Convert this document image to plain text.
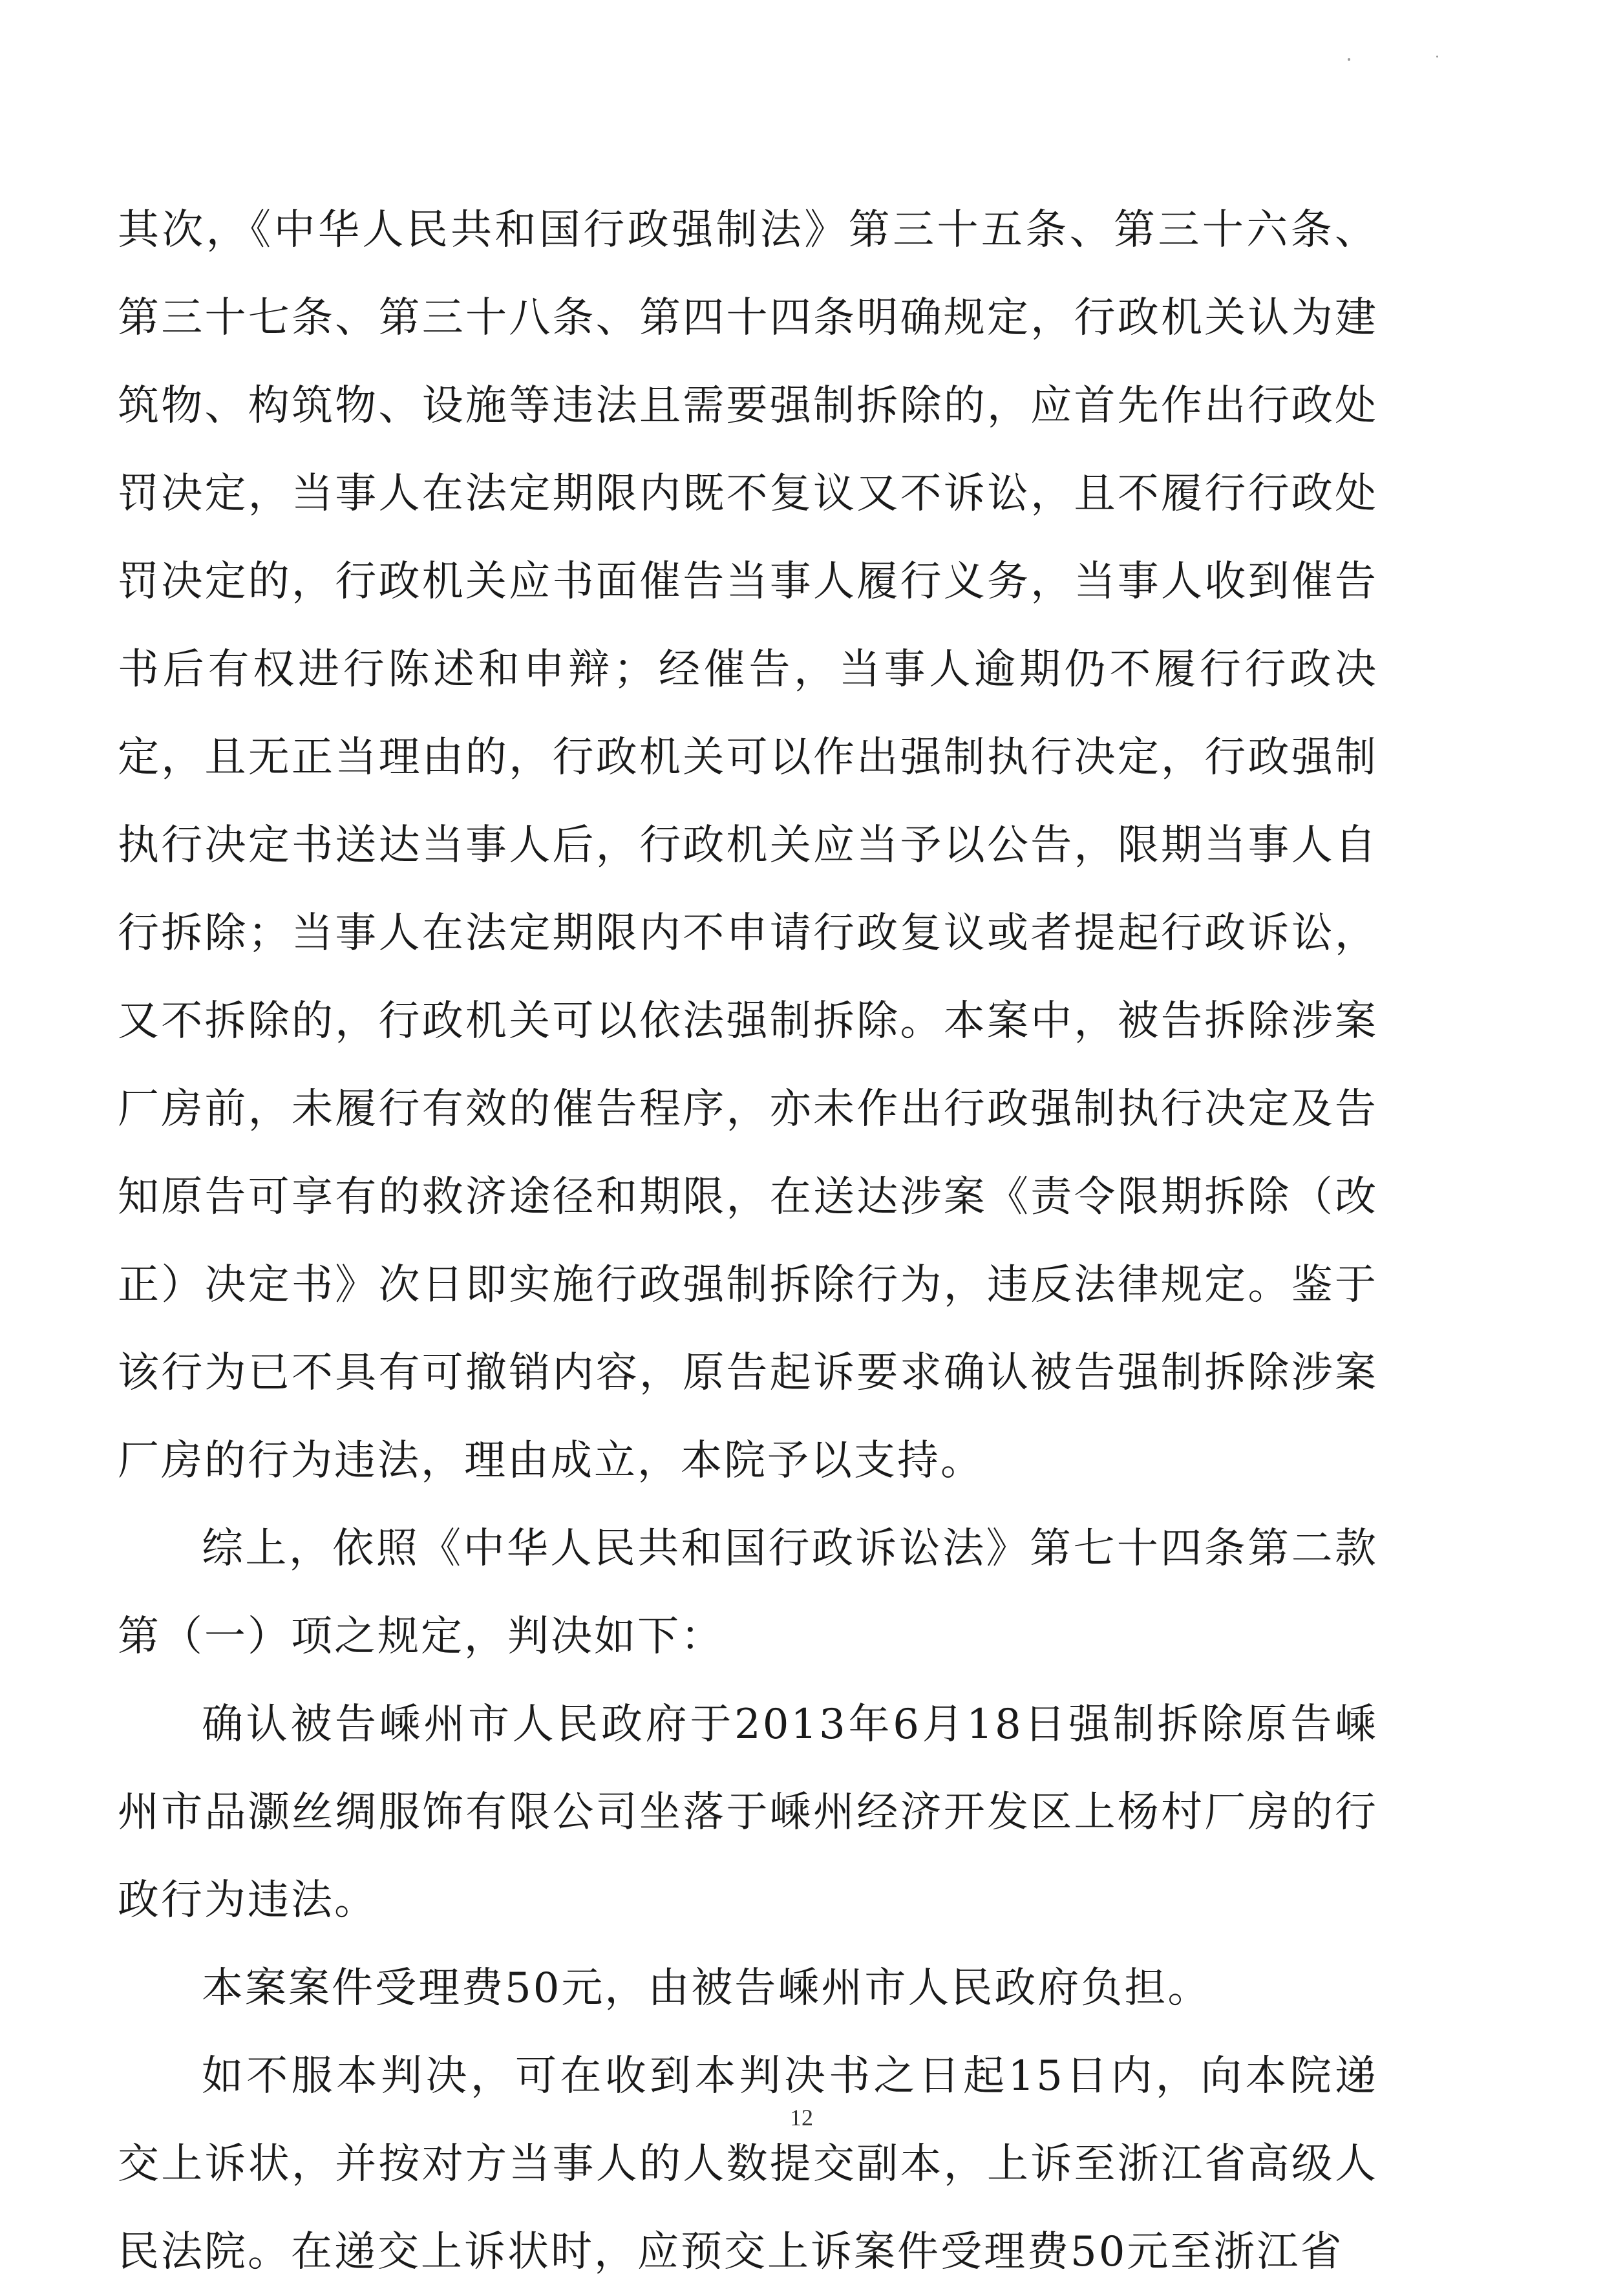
其次，《中华人民共和国行政强制法》第三十五条、第三十六条、第三十七条、第三十八条、第四十四条明确规定，行政机关认为建筑物、构筑物、设施等违法且需要强制拆除的，应首先作出行政处罚决定，当事人在法定期限内既不复议又不诉讼，且不履行行政处罚决定的，行政机关应书面催告当事人履行义务，当事人收到催告书后有权进行陈述和申辩；经催告，当事人逾期仍不履行行政决定，且无正当理由的，行政机关可以作出强制执行决定，行政强制执行决定书送达当事人后，行政机关应当予以公告，限期当事人自行拆除；当事人在法定期限内不申请行政复议或者提起行政诉讼，又不拆除的，行政机关可以依法强制拆除。本案中，被告拆除涉案厂房前，未履行有效的催告程序，亦未作出行政强制执行决定及告知原告可享有的救济途径和期限，在送达涉案《责令限期拆除（改正）决定书》次日即实施行政强制拆除行为，违反法律规定。鉴于该行为已不具有可撤销内容，原告起诉要求确认被告强制拆除涉案厂房的行为违法，理由成立，本院予以支持。

综上，依照《中华人民共和国行政诉讼法》第七十四条第二款第（一）项之规定，判决如下：

确认被告嵊州市人民政府于2013年6月18日强制拆除原告嵊州市品灏丝绸服饰有限公司坐落于嵊州经济开发区上杨村厂房的行政行为违法。

本案案件受理费50元，由被告嵊州市人民政府负担。

如不服本判决，可在收到本判决书之日起15日内，向本院递交上诉状，并按对方当事人的人数提交副本，上诉至浙江省高级人民法院。在递交上诉状时，应预交上诉案件受理费50元至浙江省

12
